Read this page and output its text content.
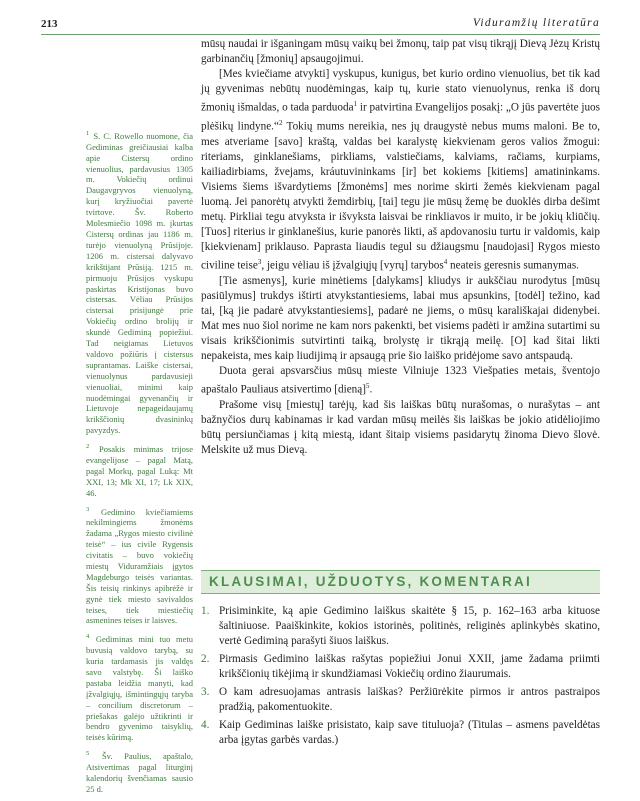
213	Viduramžių literatūra
$^1$ S. C. Rowello nuomone, čia Gediminas greičiausiai kalba apie Cistersų ordino vienuolius, pardavusius 1305 m. Vokiečių ordinui Daugavgryvos vienuolyną, kurį kryžiuočiai pavertė tvirtove. Šv. Roberto Molesmiečio 1098 m. įkurtas Cistersų ordinas jau 1186 m. turėjo vienuolyną Prūsijoje. 1206 m. cistersai dalyvavo krikštijant Prūsiją. 1215 m. pirmuoju Prūsijos vyskupu paskirtas Kristijonas buvo cistersas. Vėliau Prūsijos cistersai prisijungė prie Vokiečių ordino brolijų ir skundė Gediminą popiežiui. Tad neigiamas Lietuvos valdovo požiūris į cistersus suprantamas. Laiške cistersai, vienuolynus pardavusieji vienuoliai, minimi kaip nuodėmingai gyvenančių ir Lietuvoje nepageidaujamų krikščionių dvasininkų pavyzdys.
$^2$ Posakis minimas trijose evangelijose – pagal Matą, pagal Morkų, pagal Luką: Mt XXI, 13; Mk XI, 17; Lk XIX, 46.
$^3$ Gedimino kviečiamiems nekilmingiems žmonėms žadama „Rygos miesto civilinė teisė“ – ius civile Rygensis civitatis – buvo vokiečių miestų Viduramžiais įgytos Magdeburgo teisės variantas. Šis teisių rinkinys apibrėžė ir gynė tiek miesto savivaldos teises, tiek miestiečių asmenines teises ir laisves.
$^4$ Gediminas mini tuo metu buvusią valdovo tarybą, su kuria tardamasis jis valdęs savo valstybę. Ši laiško pastaba leidžia manyti, kad įžvalgiųjų, išmintingųjų taryba – concilium discretorum – priešakas galėjo užtikrinti ir bendro gyvenimo taisyklių, teisės kūrimą.
$^5$ Šv. Paulius, apaštalo, Atsivertimas pagal liturginį kalendorių švenčiamas sausio 25 d.

mūsų naudai ir išganingam mūsų vaikų bei žmonų, taip pat visų tikrąjį Dievą Jėzų Kristų garbinančių [žmonių] apsaugojimui.

[Mes kviečiame atvykti] vyskupus, kunigus, bet kurio ordino vienuolius, bet tik kad jų gyvenimas nebūtų nuodėmingas, kaip tų, kurie stato vienuolynus, renka iš dorų žmonių išmaldas, o tada parduoda$^1$ ir patvirtina Evangelijos posakį: „O jūs pavertėte juos plėšikų lindyne.“$^2$ Tokių mums nereikia, nes jų draugystė nebus mums maloni. Be to, mes atveriame [savo] kraštą, valdas bei karalystę kiekvienam geros valios žmogui: riteriams, ginklanešiams, pirkliams, valstiečiams, kalviams, račiams, kurpiams, kailiadirbiams, žvejams, kráutuvininkams [ir] bet kokiems [kitiems] amatininkams. Visiems šiems išvardytiems [žmonėms] mes norime skirti žemės kiekvienam pagal luomą. Jei panorėtų atvykti žemdirbių, [tai] tegu jie mūsų žemę be duoklės dirba dešimt metų. Pirkliai tegu atvyksta ir išvyksta laisvai be rinkliavos ir muito, ir be jokių kliūčių. [Tuos] riterius ir ginklanešius, kurie panorės likti, aš apdovanosiu turtu ir valdomis, kaip [kiekvienam] priklauso. Paprasta liaudis tegul su džiaugsmu [naudojasi] Rygos miesto civiline teise$^3$, jeigu vėliau iš įžvalgiųjų [vyrų] tarybos$^4$ neateis geresnis sumanymas.

[Tie asmenys], kurie minėtiems [dalykams] kliudys ir aukščiau nurodytus [mūsų pasiūlymus] trukdys ištirti atvykstantiesiems, labai mus apsunkins, [todėl] težino, kad tai, [ką jie padarė atvykstantiesiems], padarė ne jiems, o mūsų karališkajai didenybei. Mat mes nuo šiol norime ne kam nors pakenkti, bet visiems padėti ir amžina sutartimi su visais krikščionimis sutvirtinti taiką, brolystę ir tikrąją meilę. [O] kad šitai likti nepakeista, mes kaip liudijimą ir apsaugą prie šio laiško pridėjome savo antspaudą.

Duota gerai apsvarsčius mūsų mieste Vilniuje 1323 Viešpaties metais, šventojo apaštalo Pauliaus atsivertimo [dieną]$^5$.

Prašome visų [miestų] tarėjų, kad šis laiškas būtų nurašomas, o nurašytas – ant bažnyčios durų kabinamas ir kad vardan mūsų meilės šis laiškas be jokio atidėliojimo būtų persiunčiamas į kitą miestą, idant šitaip visiems pasidarytų žinoma Dievo šlovė. Melskite už mus Dievą.

KLAUSIMAI, UŽDUOTYS, KOMENTARAI
1. Prisiminkite, ką apie Gedimino laiškus skaitėte § 15, p. 162–163 arba kituose šaltiniuose. Paaiškinkite, kokios istorinės, politinės, religinės aplinkybės skatino, vertė Gediminą parašyti šiuos laiškus.
2. Pirmasis Gedimino laiškas rašytas popiežiui Jonui XXII, jame žadama priimti krikščionių tikėjimą ir skundžiamasi Vokiečių ordino žiaurumais.
3. O kam adresuojamas antrasis laiškas? Peržiūrėkite pirmos ir antros pastraipos pradžią, pakomentuokite.
4. Kaip Gediminas laiške prisistato, kaip save tituluoja? (Titulas – asmens paveldėtas arba įgytas garbės vardas.)
